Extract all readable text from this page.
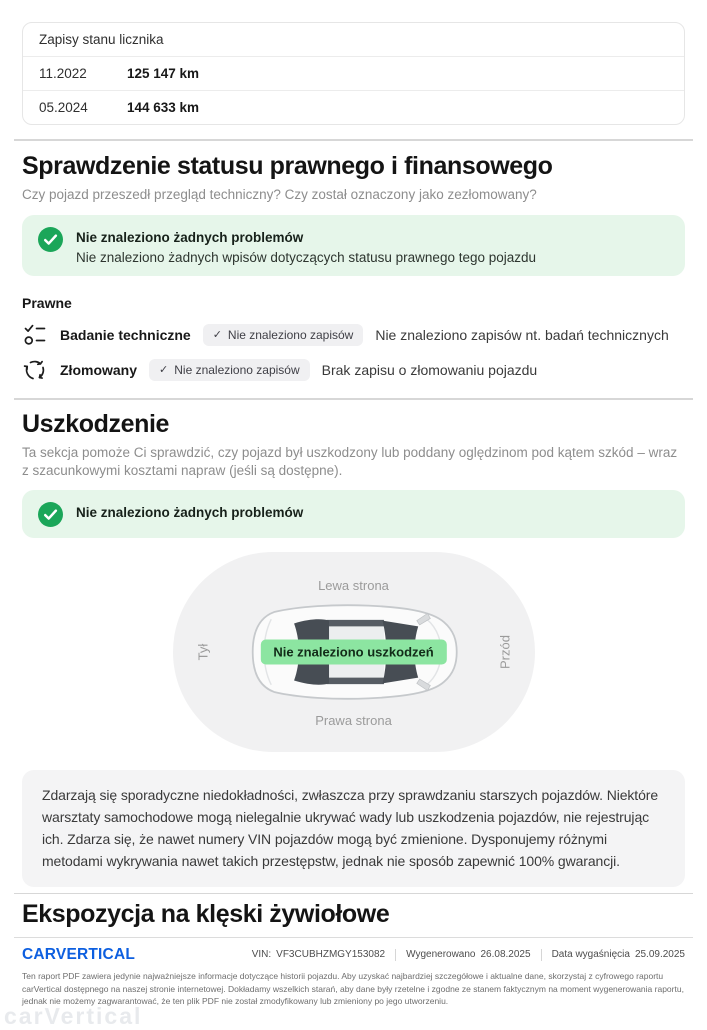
Zapisy stanu licznika
11.2022	125 147 km
05.2024	144 633 km
Sprawdzenie statusu prawnego i finansowego
Czy pojazd przeszedł przegląd techniczny? Czy został oznaczony jako zezłomowany?
Nie znaleziono żadnych problemów
Nie znaleziono żadnych wpisów dotyczących statusu prawnego tego pojazdu
Prawne
Badanie techniczne ✓ Nie znaleziono zapisów Nie znaleziono zapisów nt. badań technicznych
Złomowany ✓ Nie znaleziono zapisów Brak zapisu o złomowaniu pojazdu
Uszkodzenie
Ta sekcja pomoże Ci sprawdzić, czy pojazd był uszkodzony lub poddany oględzinom pod kątem szkód – wraz z szacunkowymi kosztami napraw (jeśli są dostępne).
Nie znaleziono żadnych problemów
Lewa strona
Prawa strona
Tył	Przód
Nie znaleziono uszkodzeń
Zdarzają się sporadyczne niedokładności, zwłaszcza przy sprawdzaniu starszych pojazdów. Niektóre warsztaty samochodowe mogą nielegalnie ukrywać wady lub uszkodzenia pojazdów, nie rejestrując ich. Zdarza się, że nawet numery VIN pojazdów mogą być zmienione. Dysponujemy różnymi metodami wykrywania nawet takich przestępstw, jednak nie sposób zapewnić 100% gwarancji.
Ekspozycja na klęski żywiołowe
CARVERTICAL	VIN: VF3CUBHZMGY153082 Wygenerowano 26.08.2025 Data wygaśnięcia 25.09.2025
Ten raport PDF zawiera jedynie najważniejsze informacje dotyczące historii pojazdu. Aby uzyskać najbardziej szczegółowe i aktualne dane, skorzystaj z cyfrowego raportu carVertical dostępnego na naszej stronie internetowej. Dokładamy wszelkich starań, aby dane były rzetelne i zgodne ze stanem faktycznym na moment wygenerowania raportu, jednak nie możemy zagwarantować, że ten plik PDF nie został zmodyfikowany lub zmieniony po jego utworzeniu.
carVertical
